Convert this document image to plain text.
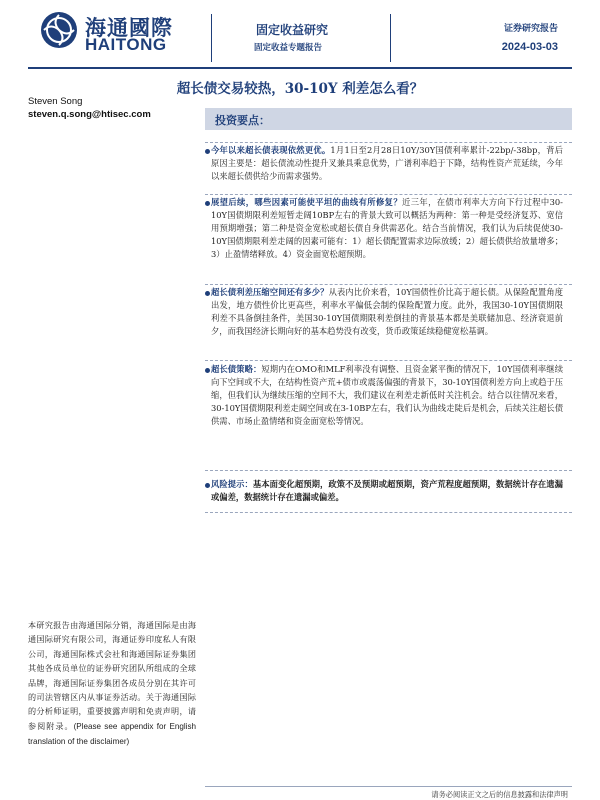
海通國際
HAITONG
固定收益研究
固定收益专题报告
证券研究报告
2024-03-03
超长债交易较热，30-10Y 利差怎么看？
Steven Song
steven.q.song@htisec.com	投资要点：
今年以来超长债表现依然更优。1月1日至2月28日10Y/30Y国债利率累计-22bp/-38bp，背后原因主要是：超长债流动性提升叉兼具乘息优势，广谱利率趋于下降，结构性资产荒延续，今年以来超长债供给少而需求强势。
展望后续，哪些因素可能使平坦的曲线有所修复？近三年，在债市利率大方向下行过程中30-10Y国债期限利差短暂走阔10BP左右的背景大致可以概括为两种：第一种是受经济复苏、宽信用预期增强；第二种是资金宽松或超长债自身供需恶化。结合当前情况，我们认为后续促使30-10Y国债期限利差走阔的因素可能有：1）超长债配置需求边际放缓；2）超长债供给放量增多；3）止盈情绪释放。4）资金面宽松超预期。
超长债利差压缩空间还有多少？从表内比价来看，10Y国债性价比高于超长债。从保险配置角度出发，地方债性价比更高些，利率水平偏低会制约保险配置力度。此外，我国30-10Y国债期限利差不具备倒挂条件，美国30-10Y国债期限利差倒挂的背景基本都是美联储加息、经济衰退前夕，而我国经济长期向好的基本趋势没有改变，货币政策延续稳健宽松基调。
超长债策略：短期内在OMO和MLF利率没有调整、且资金紧平衡的情况下，10Y国债利率继续向下空间或不大，在结构性资产荒+债市或震荡偏强的背景下，30-10Y国债利差方向上或趋于压缩，但我们认为继续压缩的空间不大，我们建议在利差走新低时关注机会。结合以往情况来看，30-10Y国债期限利差走阔空间或在3-10BP左右，我们认为曲线走陡后是机会，后续关注超长债供需、市场止盈情绪和资金面宽松等情况。
风险提示：基本面变化超预期，政策不及预期或超预期，资产荒程度超预期，数据统计存在遗漏或偏差，数据统计存在遗漏或偏差。
本研究报告由海通国际分销，海通国际是由海通国际研究有限公司，海通证券印度私人有限公司，海通国际株式会社和海通国际证券集团其他各成员单位的证券研究团队所组成的全球品牌，海通国际证券集团各成员分别在其许可的司法管辖区内从事证券活动。关于海通国际的分析师证明，重要披露声明和免责声明，请参阅附录。(Please see appendix for English translation of the disclaimer)
请务必阅读正文之后的信息披露和法律声明
